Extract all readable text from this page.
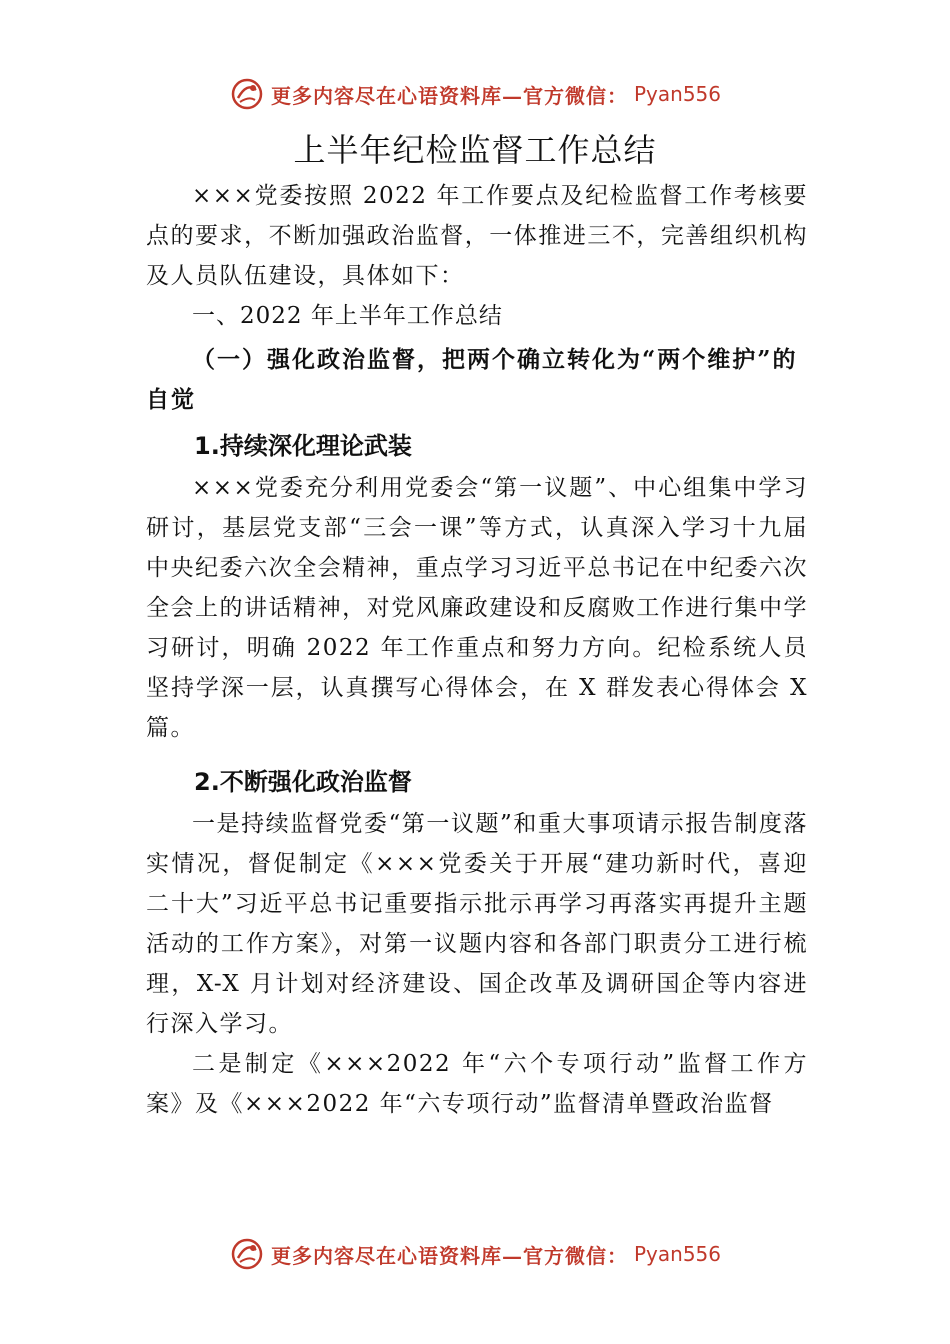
更多内容尽在心语资料库—官方微信： Pyan556
上半年纪检监督工作总结

×××党委按照 2022 年工作要点及纪检监督工作考核要点的要求，不断加强政治监督，一体推进三不，完善组织机构及人员队伍建设，具体如下：

一、2022 年上半年工作总结

（一）强化政治监督，把两个确立转化为“两个维护”的自觉

1.持续深化理论武装

×××党委充分利用党委会“第一议题”、中心组集中学习研讨，基层党支部“三会一课”等方式，认真深入学习十九届中央纪委六次全会精神，重点学习习近平总书记在中纪委六次全会上的讲话精神，对党风廉政建设和反腐败工作进行集中学习研讨，明确 2022 年工作重点和努力方向。纪检系统人员坚持学深一层，认真撰写心得体会，在 X 群发表心得体会 X 篇。

2.不断强化政治监督

一是持续监督党委“第一议题”和重大事项请示报告制度落实情况，督促制定《×××党委关于开展“建功新时代，喜迎二十大”习近平总书记重要指示批示再学习再落实再提升主题活动的工作方案》，对第一议题内容和各部门职责分工进行梳理，X-X 月计划对经济建设、国企改革及调研国企等内容进行深入学习。

二是制定《×××2022 年“六个专项行动”监督工作方案》及《×××2022 年“六专项行动”监督清单暨政治监督

更多内容尽在心语资料库—官方微信： Pyan556
